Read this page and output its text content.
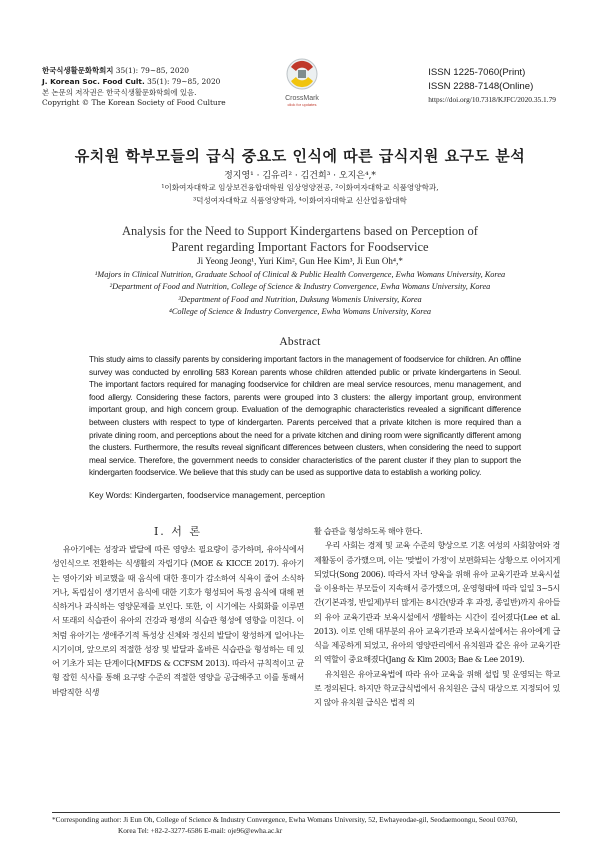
한국식생활문화학회지 35(1): 79~85, 2020
J. Korean Soc. Food Cult. 35(1): 79~85, 2020
본 논문의 저작권은 한국식생활문화학회에 있음.
Copyright © The Korean Society of Food Culture	CrossMark
click for updates
ISSN 1225-7060(Print)
ISSN 2288-7148(Online)
https://doi.org/10.7318/KJFC/2020.35.1.79
유치원 학부모들의 급식 중요도 인식에 따른 급식지원 요구도 분석
정지영¹ · 김유리² · 김건희³ · 오지은⁴,*
¹이화여자대학교 임상보건융합대학원 임상영양전공, ²이화여자대학교 식품영양학과,
³덕성여자대학교 식품영양학과, ⁴이화여자대학교 신산업융합대학
Analysis for the Need to Support Kindergartens based on Perception of
Parent regarding Important Factors for Foodservice
Ji Yeong Jeong¹, Yuri Kim², Gun Hee Kim³, Ji Eun Oh⁴,*
¹Majors in Clinical Nutrition, Graduate School of Clinical & Public Health Convergence, Ewha Womans University, Korea
²Department of Food and Nutrition, College of Science & Industry Convergence, Ewha Womans University, Korea
³Department of Food and Nutrition, Duksung Womenis University, Korea
⁴College of Science & Industry Convergence, Ewha Womans University, Korea
Abstract
This study aims to classify parents by considering important factors in the management of foodservice for children. An offline survey was conducted by enrolling 583 Korean parents whose children attended public or private kindergartens in Seoul. The important factors required for managing foodservice for children are meal service resources, menu management, and food allergy. Considering these factors, parents were grouped into 3 clusters: the allergy important group, environment important group, and high concern group. Evaluation of the demographic characteristics revealed a significant difference between clusters with respect to type of kindergarten. Parents perceived that a private kitchen is more required than a private dining room, and perceptions about the need for a private kitchen and dining room were significantly different among the clusters. Furthermore, the results reveal significant differences between clusters, when considering the need to support meal service. Therefore, the government needs to consider characteristics of the parent cluster if they plan to support the kindergarten foodservice. We believe that this study can be used as supportive data to establish a working policy.
Key Words: Kindergarten, foodservice management, perception
Ⅰ. 서 론

유아기에는 성장과 발달에 따른 영양소 필요량이 증가하며, 유아식에서 성인식으로 전환하는 식생활의 자립기다 (MOE & KICCE 2017). 유아기는 영아기와 비교했을 때 음식에 대한 흥미가 감소하여 식욕이 줄어 소식하거나, 독립심이 생기면서 음식에 대한 기호가 형성되어 특정 음식에 대해 편식하거나 과식하는 영양문제를 보인다. 또한, 이 시기에는 사회화를 이루면서 또래의 식습관이 유아의 건강과 평생의 식습관 형성에 영향을 미친다. 이처럼 유아기는 생애주기적 특성상 신체와 정신의 발달이 왕성하게 일어나는 시기이며, 앞으로의 적절한 성장 및 발달과 올바른 식습관을 형성하는 데 있어 기초가 되는 단계이다(MFDS & CCFSM 2013). 따라서 규칙적이고 균형 잡힌 식사를 통해 요구량 수준의 적절한 영양을 공급해주고 이를 통해서 바람직한 식생

활 습관을 형성하도록 해야 한다.

우리 사회는 경제 및 교육 수준의 향상으로 기혼 여성의 사회참여와 경제활동이 증가했으며, 이는 '맞벌이 가정'이 보편화되는 상황으로 이어지게 되었다(Song 2006). 따라서 자녀 양육을 위해 유아 교육기관과 보육시설을 이용하는 부모들이 지속해서 증가했으며, 운영형태에 따라 일일 3~5시간(기본과정, 반일제)부터 많게는 8시간(방과 후 과정, 종일반)까지 유아들의 유아 교육기관과 보육시설에서 생활하는 시간이 길어졌다(Lee et al. 2013). 이로 인해 대부분의 유아 교육기관과 보육시설에서는 유아에게 급식을 제공하게 되었고, 유아의 영양관리에서 유치원과 같은 유아 교육기관의 역할이 중요해졌다(Jang & Kim 2003; Bae & Lee 2019).

유치원은 유아교육법에 따라 유아 교육을 위해 설립 및 운영되는 학교로 정의된다. 하지만 학교급식법에서 유치원은 급식 대상으로 지정되어 있지 않아 유치원 급식은 법적 의

*Corresponding author: Ji Eun Oh, College of Science & Industry Convergence, Ewha Womans University, 52, Ewhayeodae-gil, Seodaemoongu, Seoul 03760,
Korea Tel: +82-2-3277-6586 E-mail: oje96@ewha.ac.kr
